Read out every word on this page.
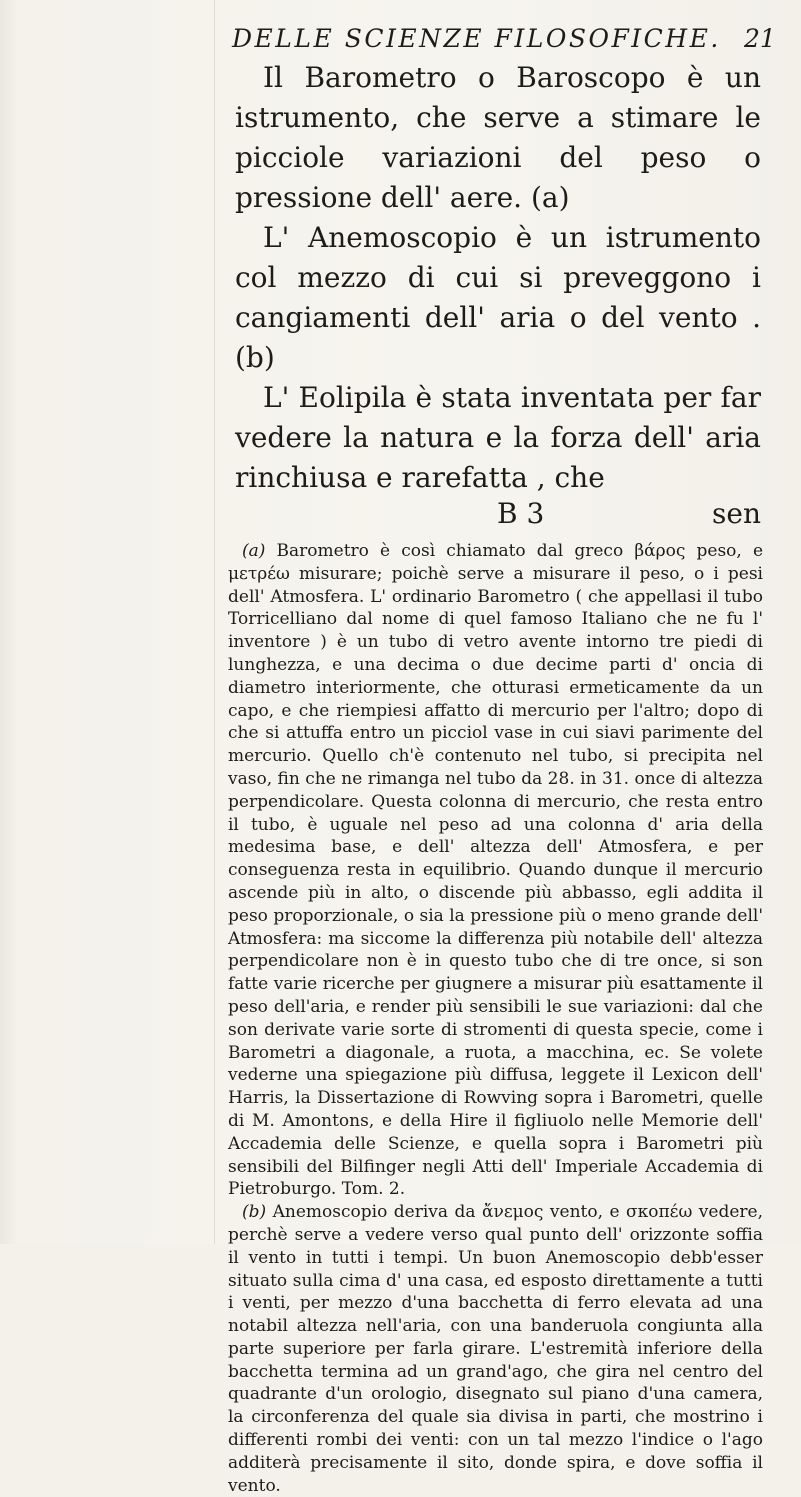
DELLE SCIENZE FILOSOFICHE. 21

Il Barometro o Baroscopo è un istrumento, che serve a stimare le picciole variazioni del peso o pressione dell' aere. (a)

L' Anemoscopio è un istrumento col mezzo di cui si preveggono i cangiamenti dell' aria o del vento . (b)

L' Eolipila è stata inventata per far vedere la natura e la forza dell' aria rinchiusa e rarefatta , che

B 3	sen

(a) Barometro è così chiamato dal greco βάρος peso, e μετρέω misurare; poichè serve a misurare il peso, o i pesi dell' Atmosfera. L' ordinario Barometro ( che appellasi il tubo Torricelliano dal nome di quel famoso Italiano che ne fu l' inventore ) è un tubo di vetro avente intorno tre piedi di lunghezza, e una decima o due decime parti d' oncia di diametro interiormente, che otturasi ermeticamente da un capo, e che riempiesi affatto di mercurio per l'altro; dopo di che si attuffa entro un picciol vase in cui siavi parimente del mercurio. Quello ch'è contenuto nel tubo, si precipita nel vaso, fin che ne rimanga nel tubo da 28. in 31. once di altezza perpendicolare. Questa colonna di mercurio, che resta entro il tubo, è uguale nel peso ad una colonna d' aria della medesima base, e dell' altezza dell' Atmosfera, e per conseguenza resta in equilibrio. Quando dunque il mercurio ascende più in alto, o discende più abbasso, egli addita il peso proporzionale, o sia la pressione più o meno grande dell' Atmosfera: ma siccome la differenza più notabile dell' altezza perpendicolare non è in questo tubo che di tre once, si son fatte varie ricerche per giugnere a misurar più esattamente il peso dell'aria, e render più sensibili le sue variazioni: dal che son derivate varie sorte di stromenti di questa specie, come i Barometri a diagonale, a ruota, a macchina, ec. Se volete vederne una spiegazione più diffusa, leggete il Lexicon dell' Harris, la Dissertazione di Rowving sopra i Barometri, quelle di M. Amontons, e della Hire il figliuolo nelle Memorie dell' Accademia delle Scienze, e quella sopra i Barometri più sensibili del Bilfinger negli Atti dell' Imperiale Accademia di Pietroburgo. Tom. 2.

(b) Anemoscopio deriva da ἄνεμος vento, e σκοπέω vedere, perchè serve a vedere verso qual punto dell' orizzonte soffia il vento in tutti i tempi. Un buon Anemoscopio debb'esser situato sulla cima d' una casa, ed esposto direttamente a tutti i venti, per mezzo d'una bacchetta di ferro elevata ad una notabil altezza nell'aria, con una banderuola congiunta alla parte superiore per farla girare. L'estremità inferiore della bacchetta termina ad un grand'ago, che gira nel centro del quadrante d'un orologio, disegnato sul piano d'una camera, la circonferenza del quale sia divisa in parti, che mostrino i differenti rombi dei venti: con un tal mezzo l'indice o l'ago additerà precisamente il sito, donde spira, e dove soffia il vento.
